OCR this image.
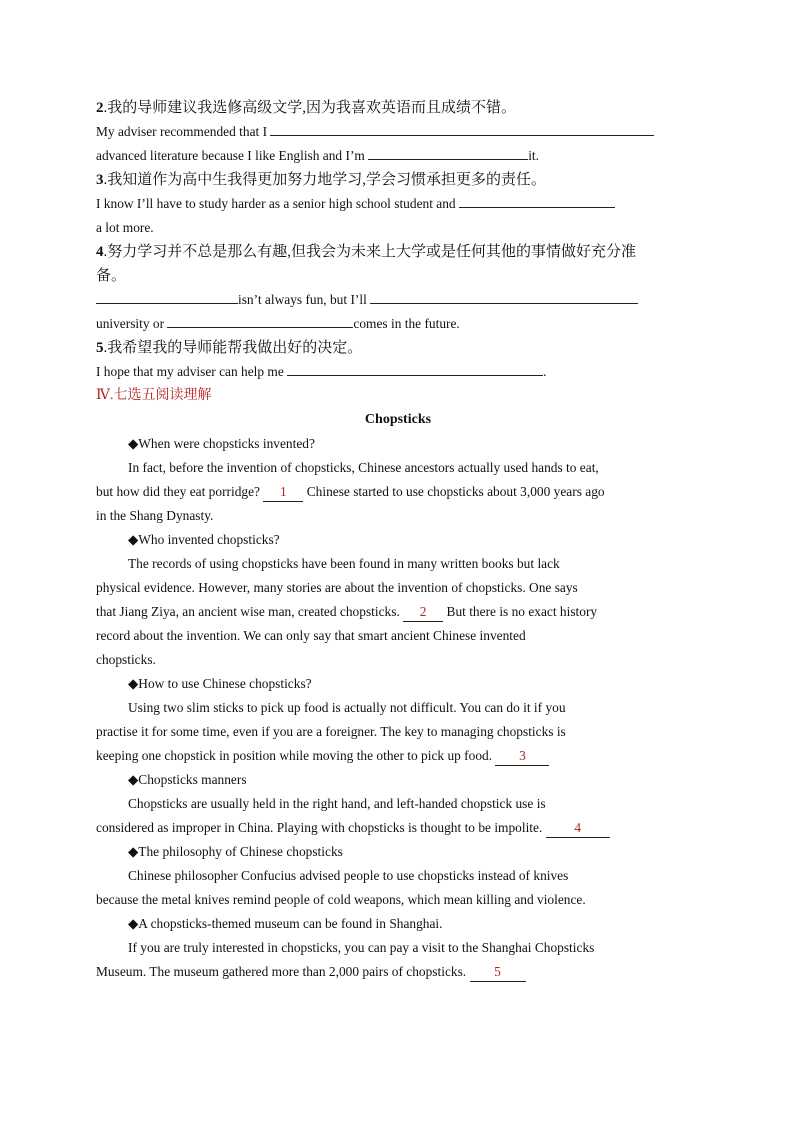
2.我的导师建议我选修高级文学,因为我喜欢英语而且成绩不错。
My adviser recommended that I
advanced literature because I like English and I’m	it.
3.我知道作为高中生我得更加努力地学习,学会习惯承担更多的责任。
I know I’ll have to study harder as a senior high school student and
a lot more.
4.努力学习并不总是那么有趣,但我会为未来上大学或是任何其他的事情做好充分准
备。
isn’t always fun, but I’ll
university or	comes in the future.
5.我希望我的导师能帮我做出好的决定。
I hope that my adviser can help me	.
Ⅳ.七选五阅读理解
Chopsticks
◆When were chopsticks invented?
In fact, before the invention of chopsticks, Chinese ancestors actually used hands to eat,
but how did they eat porridge? 1 Chinese started to use chopsticks about 3,000 years ago
in the Shang Dynasty.
◆Who invented chopsticks?
The records of using chopsticks have been found in many written books but lack
physical evidence. However, many stories are about the invention of chopsticks. One says
that Jiang Ziya, an ancient wise man, created chopsticks. 2 But there is no exact history
record about the invention. We can only say that smart ancient Chinese invented
chopsticks.
◆How to use Chinese chopsticks?
Using two slim sticks to pick up food is actually not difficult. You can do it if you
practise it for some time, even if you are a foreigner. The key to managing chopsticks is
keeping one chopstick in position while moving the other to pick up food. 3
◆Chopsticks manners
Chopsticks are usually held in the right hand, and left-handed chopstick use is
considered as improper in China. Playing with chopsticks is thought to be impolite. 4
◆The philosophy of Chinese chopsticks
Chinese philosopher Confucius advised people to use chopsticks instead of knives
because the metal knives remind people of cold weapons, which mean killing and violence.
◆A chopsticks-themed museum can be found in Shanghai.
If you are truly interested in chopsticks, you can pay a visit to the Shanghai Chopsticks
Museum. The museum gathered more than 2,000 pairs of chopsticks. 5
